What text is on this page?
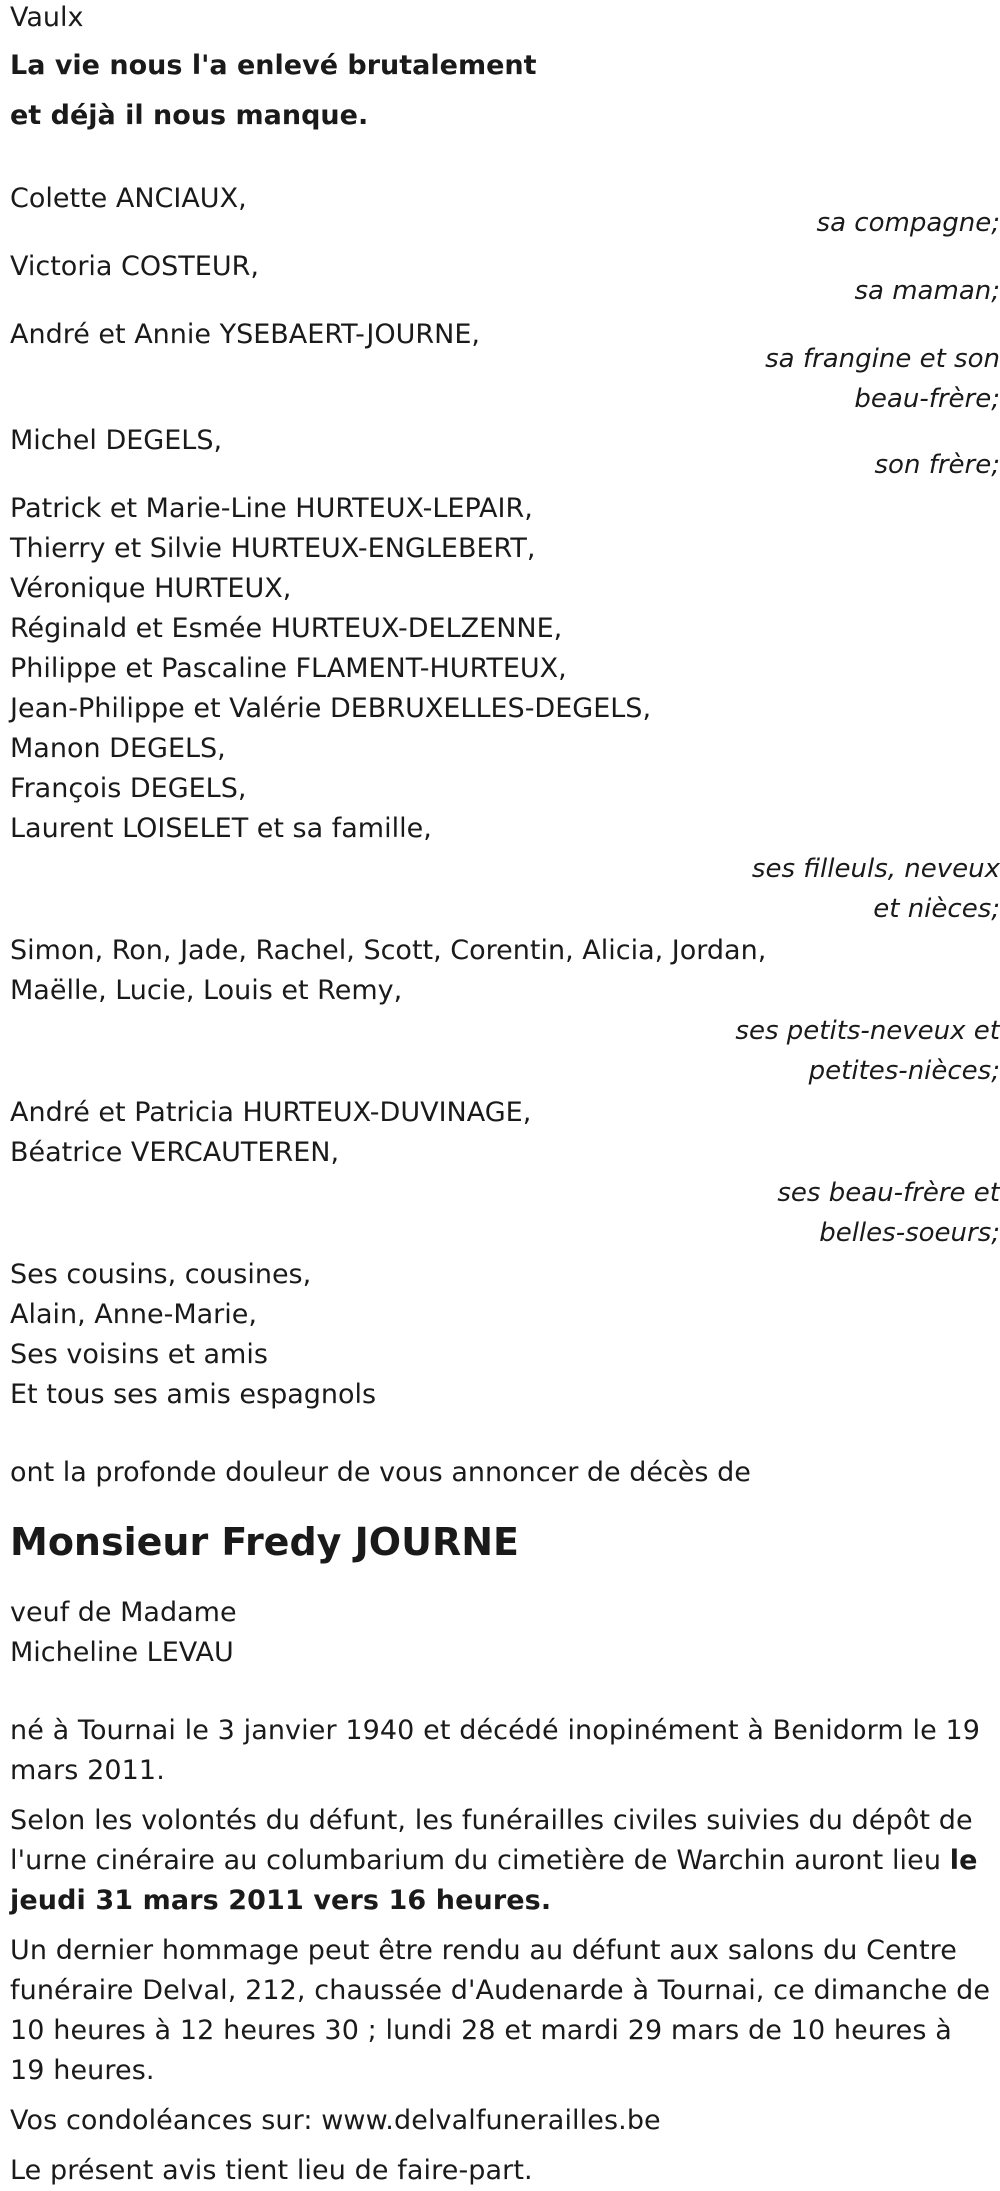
Vaulx
La vie nous l'a enlevé brutalement
et déjà il nous manque.
Colette ANCIAUX,
sa compagne;
Victoria COSTEUR,
sa maman;
André et Annie YSEBAERT-JOURNE,
sa frangine et son
beau-frère;
Michel DEGELS,
son frère;
Patrick et Marie-Line HURTEUX-LEPAIR,
Thierry et Silvie HURTEUX-ENGLEBERT,
Véronique HURTEUX,
Réginald et Esmée HURTEUX-DELZENNE,
Philippe et Pascaline FLAMENT-HURTEUX,
Jean-Philippe et Valérie DEBRUXELLES-DEGELS,
Manon DEGELS,
François DEGELS,
Laurent LOISELET et sa famille,
ses filleuls, neveux
et nièces;
Simon, Ron, Jade, Rachel, Scott, Corentin, Alicia, Jordan,
Maëlle, Lucie, Louis et Remy,
ses petits-neveux et
petites-nièces;
André et Patricia HURTEUX-DUVINAGE,
Béatrice VERCAUTEREN,
ses beau-frère et
belles-soeurs;
Ses cousins, cousines,
Alain, Anne-Marie,
Ses voisins et amis
Et tous ses amis espagnols
ont la profonde douleur de vous annoncer de décès de
Monsieur Fredy JOURNE
veuf de Madame
Micheline LEVAU
né à Tournai le 3 janvier 1940 et décédé inopinément à Benidorm le 19 mars 2011.
Selon les volontés du défunt, les funérailles civiles suivies du dépôt de l'urne cinéraire au columbarium du cimetière de Warchin auront lieu le jeudi 31 mars 2011 vers 16 heures.
Un dernier hommage peut être rendu au défunt aux salons du Centre funéraire Delval, 212, chaussée d'Audenarde à Tournai, ce dimanche de 10 heures à 12 heures 30 ; lundi 28 et mardi 29 mars de 10 heures à 19 heures.
Vos condoléances sur: www.delvalfunerailles.be
Le présent avis tient lieu de faire-part.
